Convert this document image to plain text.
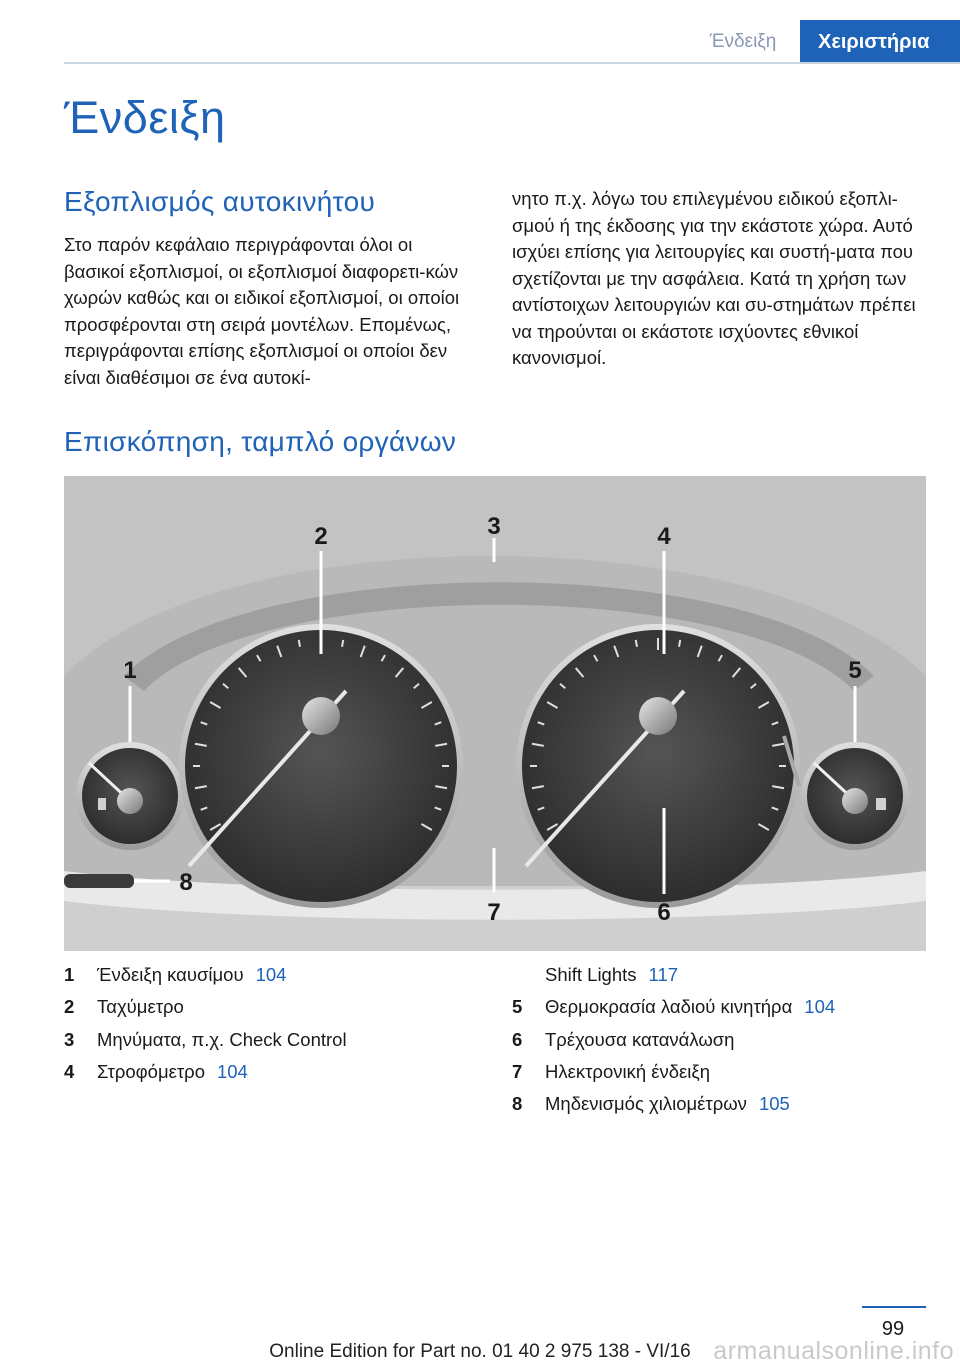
Ένδειξη	Χειριστήρια
Ένδειξη
Εξοπλισμός αυτοκινήτου

Στο παρόν κεφάλαιο περιγράφονται όλοι οι βασικοί εξοπλισμοί, οι εξοπλισμοί διαφορετι-κών χωρών καθώς και οι ειδικοί εξοπλισμοί, οι οποίοι προσφέρονται στη σειρά μοντέλων. Επομένως, περιγράφονται επίσης εξοπλισμοί οι οποίοι δεν είναι διαθέσιμοι σε ένα αυτοκί-

νητο π.χ. λόγω του επιλεγμένου ειδικού εξοπλι-σμού ή της έκδοσης για την εκάστοτε χώρα. Αυτό ισχύει επίσης για λειτουργίες και συστή-ματα που σχετίζονται με την ασφάλεια. Κατά τη χρήση των αντίστοιχων λειτουργιών και συ-στημάτων πρέπει να τηρούνται οι εκάστοτε ισχύοντες εθνικοί κανονισμοί.

Επισκόπηση, ταμπλό οργάνων
1
2	3	4
5
6
7
8
1 Ένδειξη καυσίμου 104
2 Ταχύμετρο
3 Μηνύματα, π.χ. Check Control
4 Στροφόμετρο 104
Shift Lights 117
5 Θερμοκρασία λαδιού κινητήρα 104
6 Τρέχουσα κατανάλωση
7 Ηλεκτρονική ένδειξη
8 Μηδενισμός χιλιομέτρων 105
99
Online Edition for Part no. 01 40 2 975 138 - VI/16 armanualsonline.info
